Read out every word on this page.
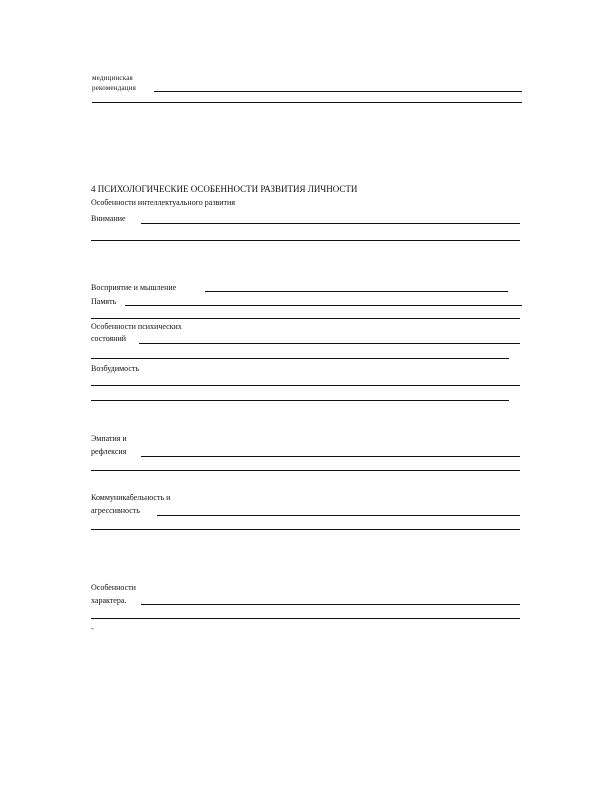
медицинская
рекомендация
4 ПСИХОЛОГИЧЕСКИЕ ОСОБЕННОСТИ РАЗВИТИЯ ЛИЧНОСТИ
Особенности интеллектуального развития
Внимание
Восприятие и мышление
Память
Особенности психических
состояний
Возбудимость
Эмпатия и
рефлексия
Коммуникабельность и
агрессивность
Особенности
характера.
-
